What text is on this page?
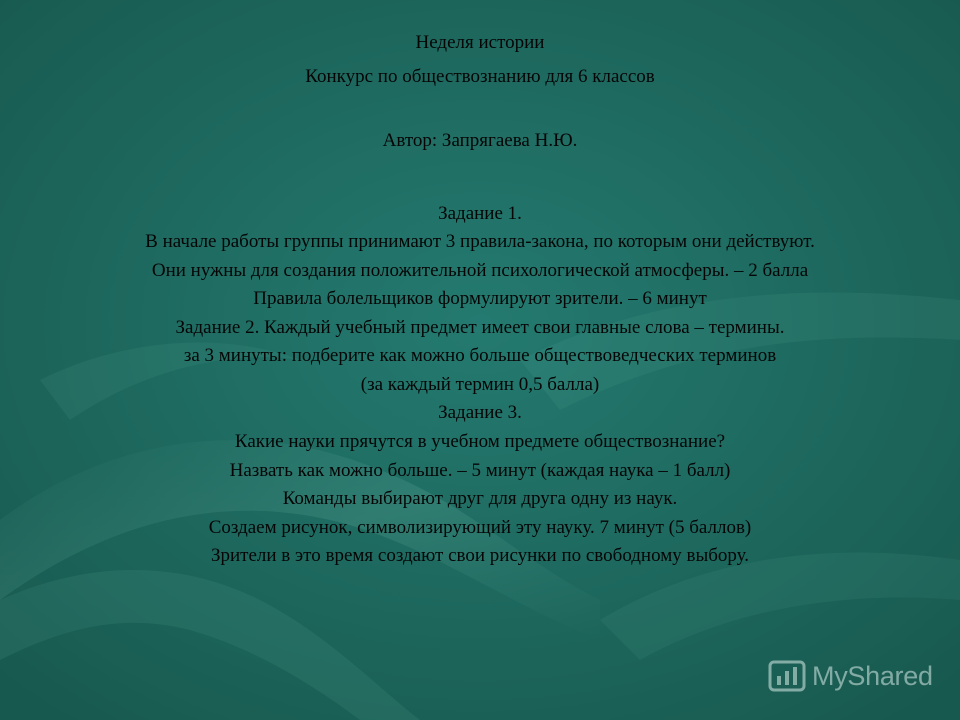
Неделя истории
Конкурс по обществознанию для 6 классов
Автор: Запрягаева Н.Ю.
Задание 1.
В начале работы группы принимают 3 правила-закона, по которым они действуют.
Они нужны для создания положительной психологической атмосферы. – 2 балла
Правила болельщиков формулируют зрители. – 6 минут
Задание 2. Каждый учебный предмет имеет свои главные слова – термины.
за 3 минуты: подберите как можно больше обществоведческих терминов
(за каждый термин 0,5 балла)
Задание 3.
Какие науки прячутся в учебном предмете обществознание?
Назвать как можно больше. – 5 минут (каждая наука – 1 балл)
Команды выбирают друг для друга одну из наук.
Создаем рисунок, символизирующий эту науку. 7 минут (5 баллов)
Зрители в это время создают свои рисунки по свободному выбору.
MyShared
